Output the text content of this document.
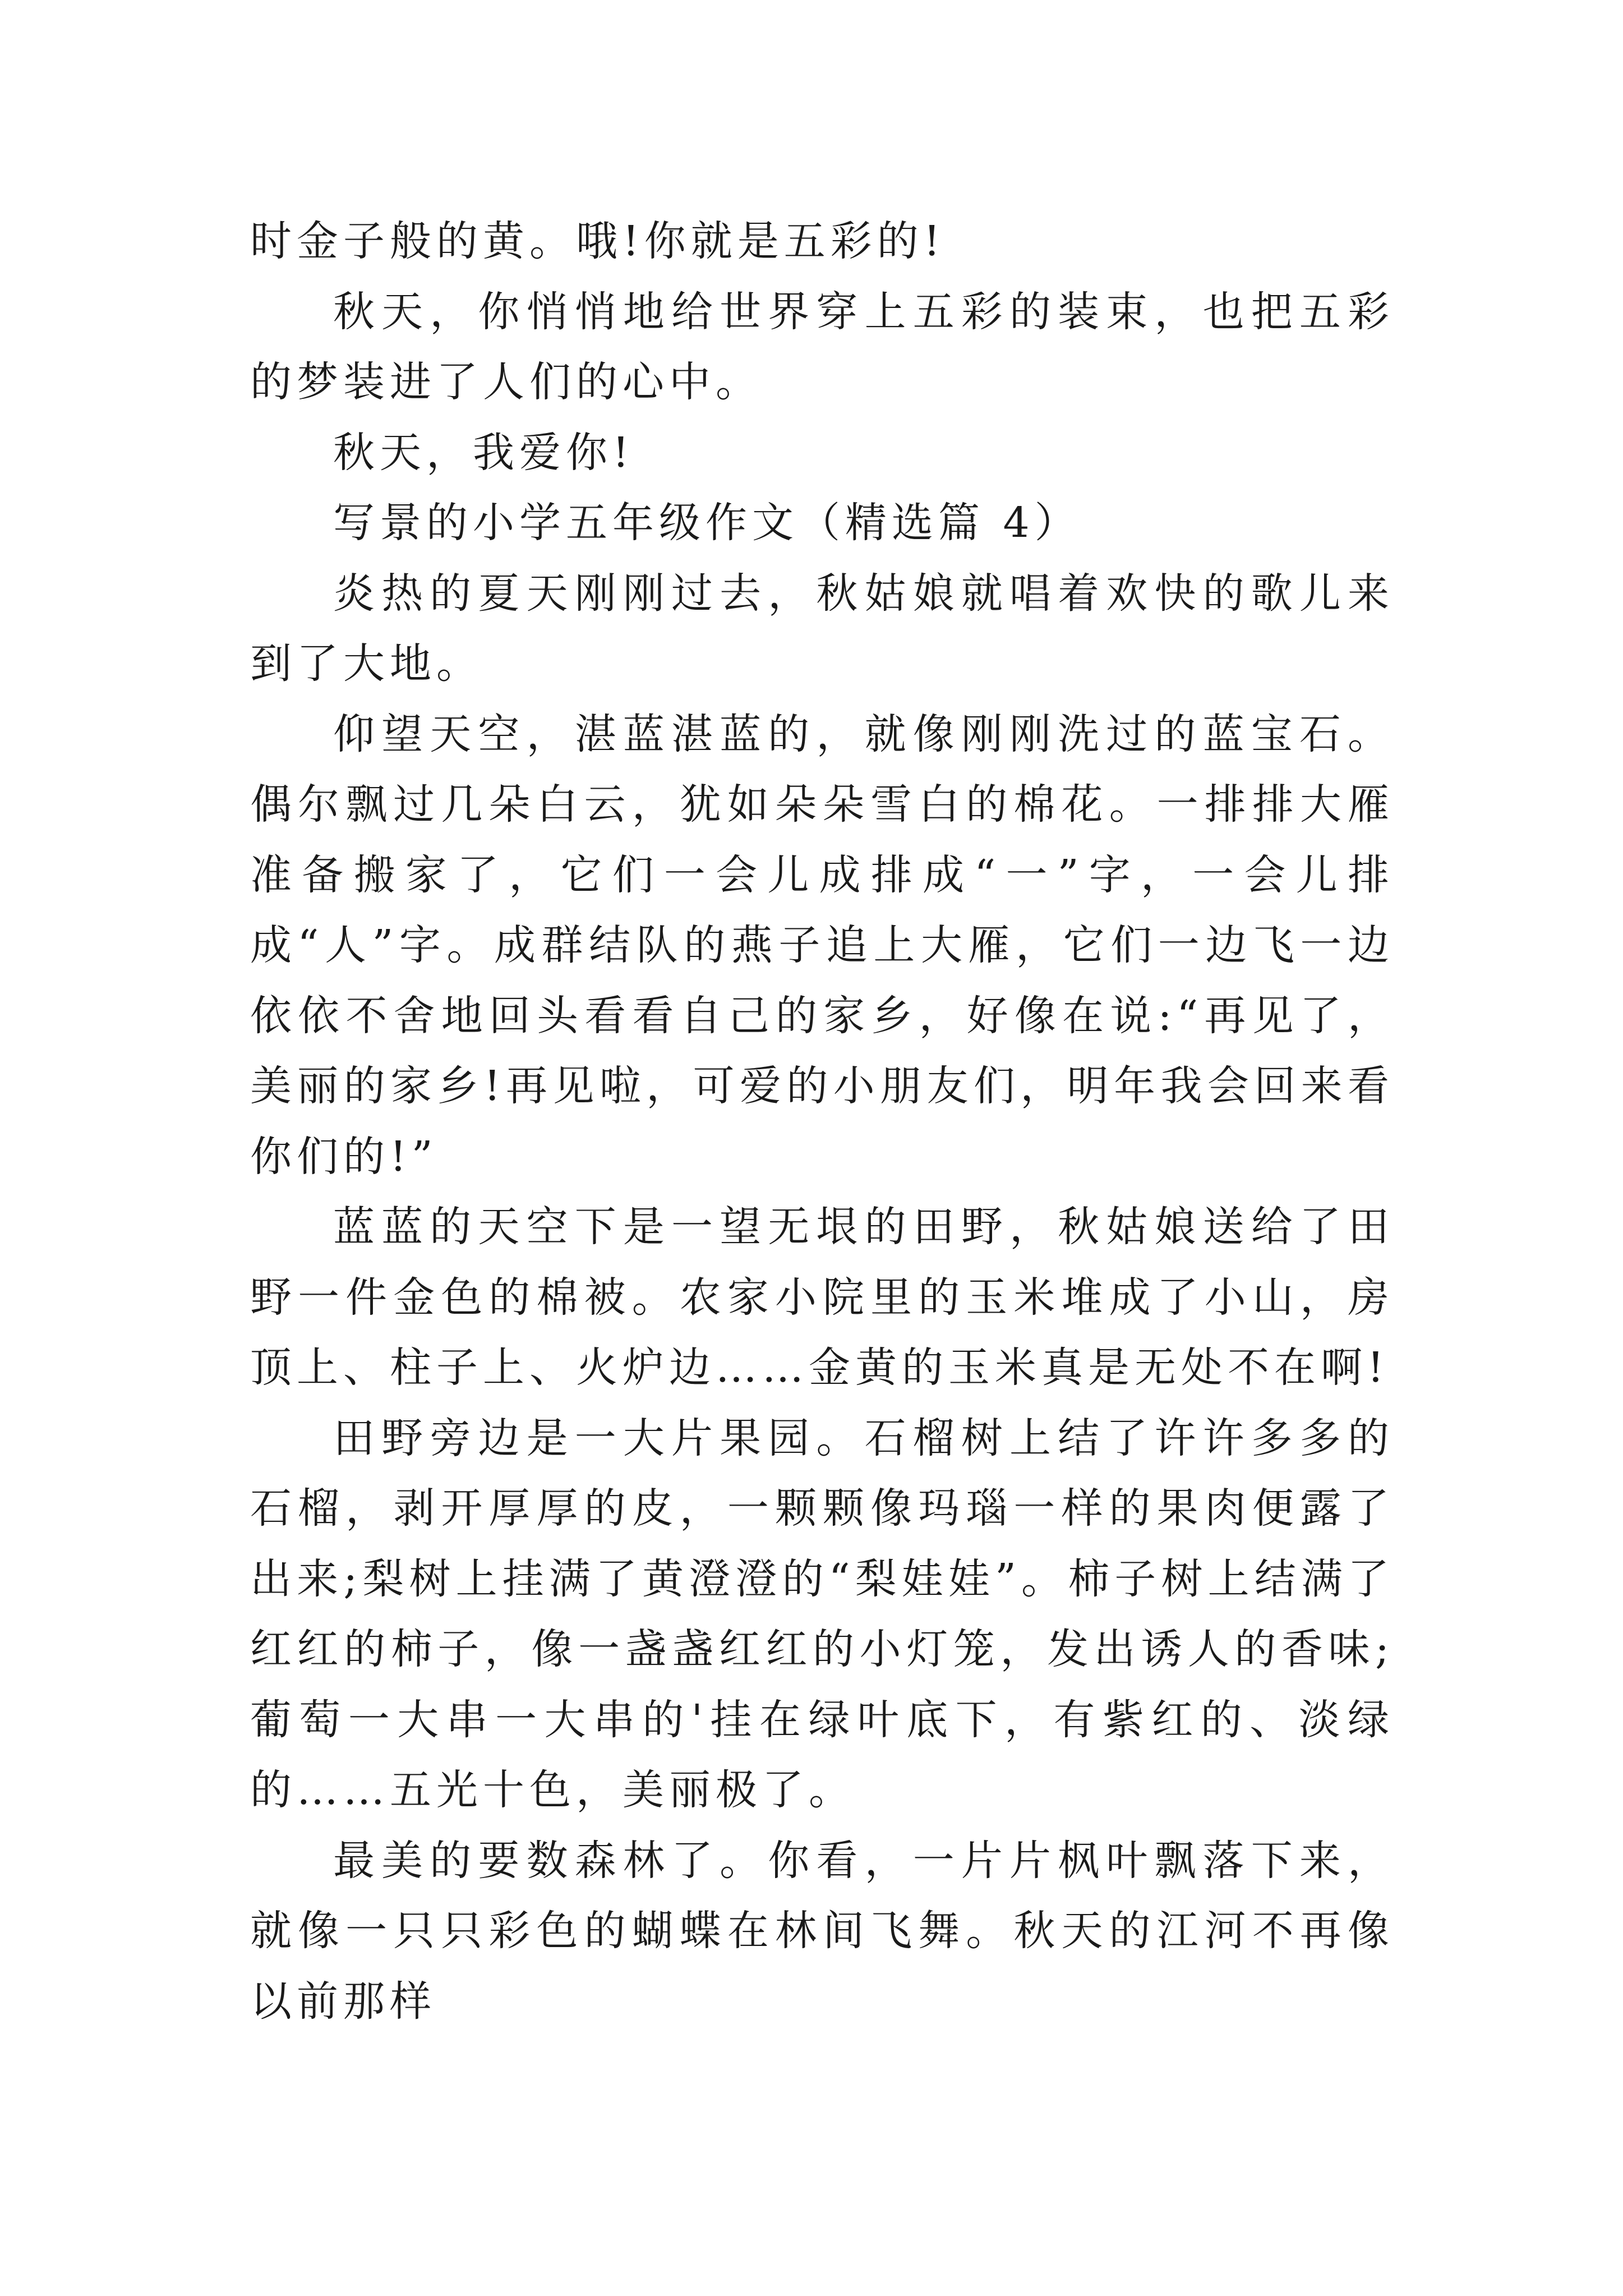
时金子般的黄。哦!你就是五彩的!

秋天，你悄悄地给世界穿上五彩的装束，也把五彩的梦装进了人们的心中。

秋天，我爱你!

写景的小学五年级作文（精选篇 4）

炎热的夏天刚刚过去，秋姑娘就唱着欢快的歌儿来到了大地。

仰望天空，湛蓝湛蓝的，就像刚刚洗过的蓝宝石。偶尔飘过几朵白云，犹如朵朵雪白的棉花。一排排大雁准备搬家了，它们一会儿成排成“一”字，一会儿排成“人”字。成群结队的燕子追上大雁，它们一边飞一边依依不舍地回头看看自己的家乡，好像在说:“再见了，美丽的家乡!再见啦，可爱的小朋友们，明年我会回来看你们的!”

蓝蓝的天空下是一望无垠的田野，秋姑娘送给了田野一件金色的棉被。农家小院里的玉米堆成了小山，房顶上、柱子上、火炉边……金黄的玉米真是无处不在啊!

田野旁边是一大片果园。石榴树上结了许许多多的石榴，剥开厚厚的皮，一颗颗像玛瑙一样的果肉便露了出来;梨树上挂满了黄澄澄的“梨娃娃”。柿子树上结满了红红的柿子，像一盏盏红红的小灯笼，发出诱人的香味;葡萄一大串一大串的'挂在绿叶底下，有紫红的、淡绿的……五光十色，美丽极了。

最美的要数森林了。你看，一片片枫叶飘落下来，就像一只只彩色的蝴蝶在林间飞舞。秋天的江河不再像以前那样
